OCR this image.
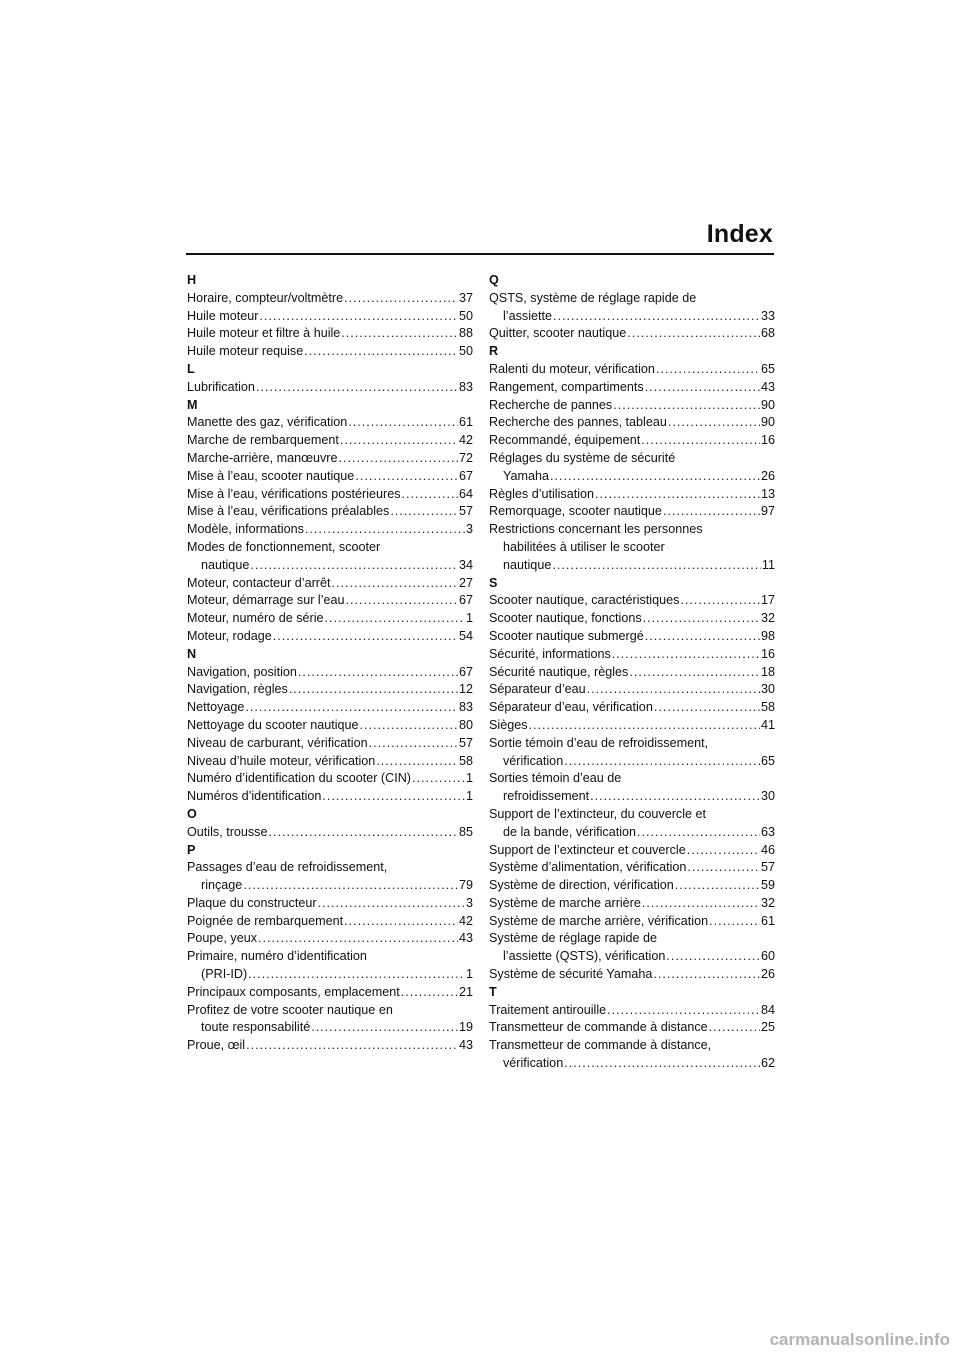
Index
H
Horaire, compteur/voltmètre .....	37
Huile moteur .....	50
Huile moteur et filtre à huile .....	88
Huile moteur requise .....	50
L
Lubrification .....	83
M
Manette des gaz, vérification .....	61
Marche de rembarquement .....	42
Marche-arrière, manœuvre .....	72
Mise à l’eau, scooter nautique .....	67
Mise à l’eau, vérifications postérieures .....	64
Mise à l’eau, vérifications préalables .....	57
Modèle, informations .....	3
Modes de fonctionnement, scooter
nautique .....	34
Moteur, contacteur d’arrêt .....	27
Moteur, démarrage sur l’eau .....	67
Moteur, numéro de série .....	1
Moteur, rodage .....	54
N
Navigation, position .....	67
Navigation, règles .....	12
Nettoyage .....	83
Nettoyage du scooter nautique .....	80
Niveau de carburant, vérification .....	57
Niveau d’huile moteur, vérification .....	58
Numéro d’identification du scooter (CIN) .....	1
Numéros d’identification .....	1
O
Outils, trousse .....	85
P
Passages d’eau de refroidissement,
rinçage .....	79
Plaque du constructeur .....	3
Poignée de rembarquement .....	42
Poupe, yeux .....	43
Primaire, numéro d’identification
(PRI-ID) .....	1
Principaux composants, emplacement .....	21
Profitez de votre scooter nautique en
toute responsabilité .....	19
Proue, œil .....	43
Q
QSTS, système de réglage rapide de
l’assiette .....	33
Quitter, scooter nautique .....	68
R
Ralenti du moteur, vérification .....	65
Rangement, compartiments .....	43
Recherche de pannes .....	90
Recherche des pannes, tableau .....	90
Recommandé, équipement .....	16
Réglages du système de sécurité
Yamaha .....	26
Règles d’utilisation .....	13
Remorquage, scooter nautique .....	97
Restrictions concernant les personnes
habilitées à utiliser le scooter
nautique .....	11
S
Scooter nautique, caractéristiques .....	17
Scooter nautique, fonctions .....	32
Scooter nautique submergé .....	98
Sécurité, informations .....	16
Sécurité nautique, règles .....	18
Séparateur d’eau .....	30
Séparateur d’eau, vérification .....	58
Sièges .....	41
Sortie témoin d’eau de refroidissement,
vérification .....	65
Sorties témoin d’eau de
refroidissement .....	30
Support de l’extincteur, du couvercle et
de la bande, vérification .....	63
Support de l’extincteur et couvercle .....	46
Système d’alimentation, vérification .....	57
Système de direction, vérification .....	59
Système de marche arrière .....	32
Système de marche arrière, vérification .....	61
Système de réglage rapide de
l’assiette (QSTS), vérification .....	60
Système de sécurité Yamaha .....	26
T
Traitement antirouille .....	84
Transmetteur de commande à distance .....	25
Transmetteur de commande à distance,
vérification .....	62
carmanualsonline.info
